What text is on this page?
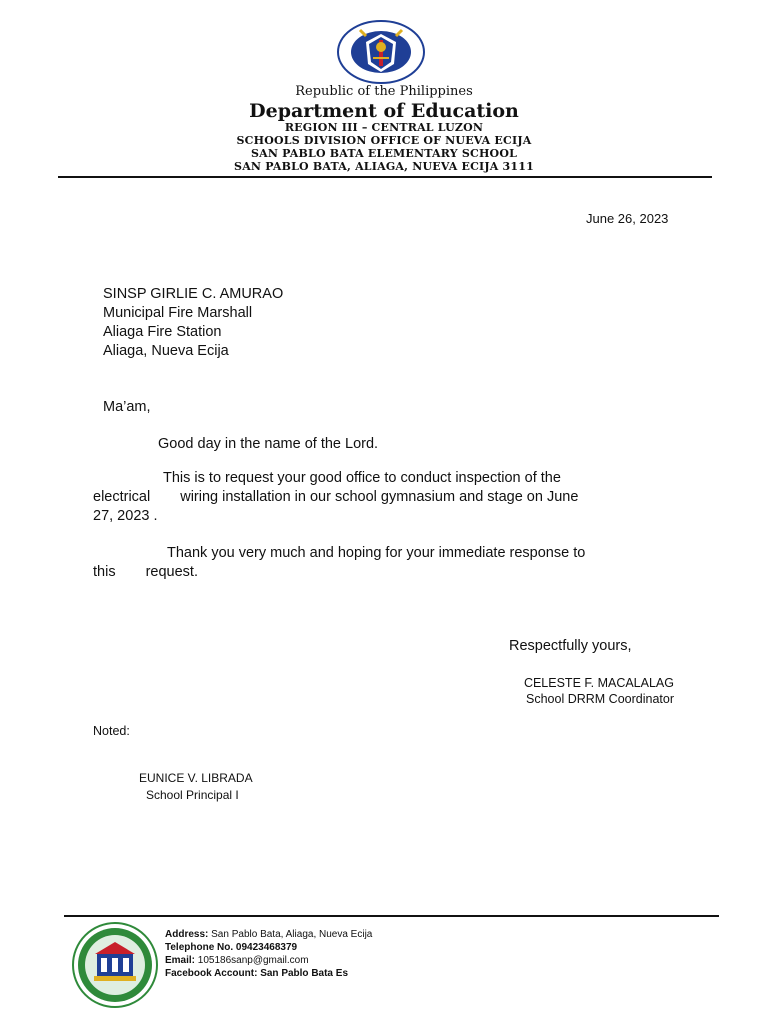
Republic of the Philippines
Department of Education
REGION III – CENTRAL LUZON
SCHOOLS DIVISION OFFICE OF NUEVA ECIJA
SAN PABLO BATA ELEMENTARY SCHOOL
SAN PABLO BATA, ALIAGA, NUEVA ECIJA 3111
June 26, 2023
SINSP GIRLIE C. AMURAO
Municipal Fire Marshall
Aliaga Fire Station
Aliaga, Nueva Ecija
Ma’am,
Good day in the name of the Lord.
This is to request your good office to conduct inspection of the
electrical wiring installation in our school gymnasium and stage on June
27, 2023 .
Thank you very much and hoping for your immediate response to
this request.
Respectfully yours,
CELESTE F. MACALALAG
School DRRM Coordinator
Noted:
EUNICE V. LIBRADA
School Principal I
Address: San Pablo Bata, Aliaga, Nueva Ecija
Telephone No. 09423468379
Email: 105186sanp@gmail.com
Facebook Account: San Pablo Bata Es
